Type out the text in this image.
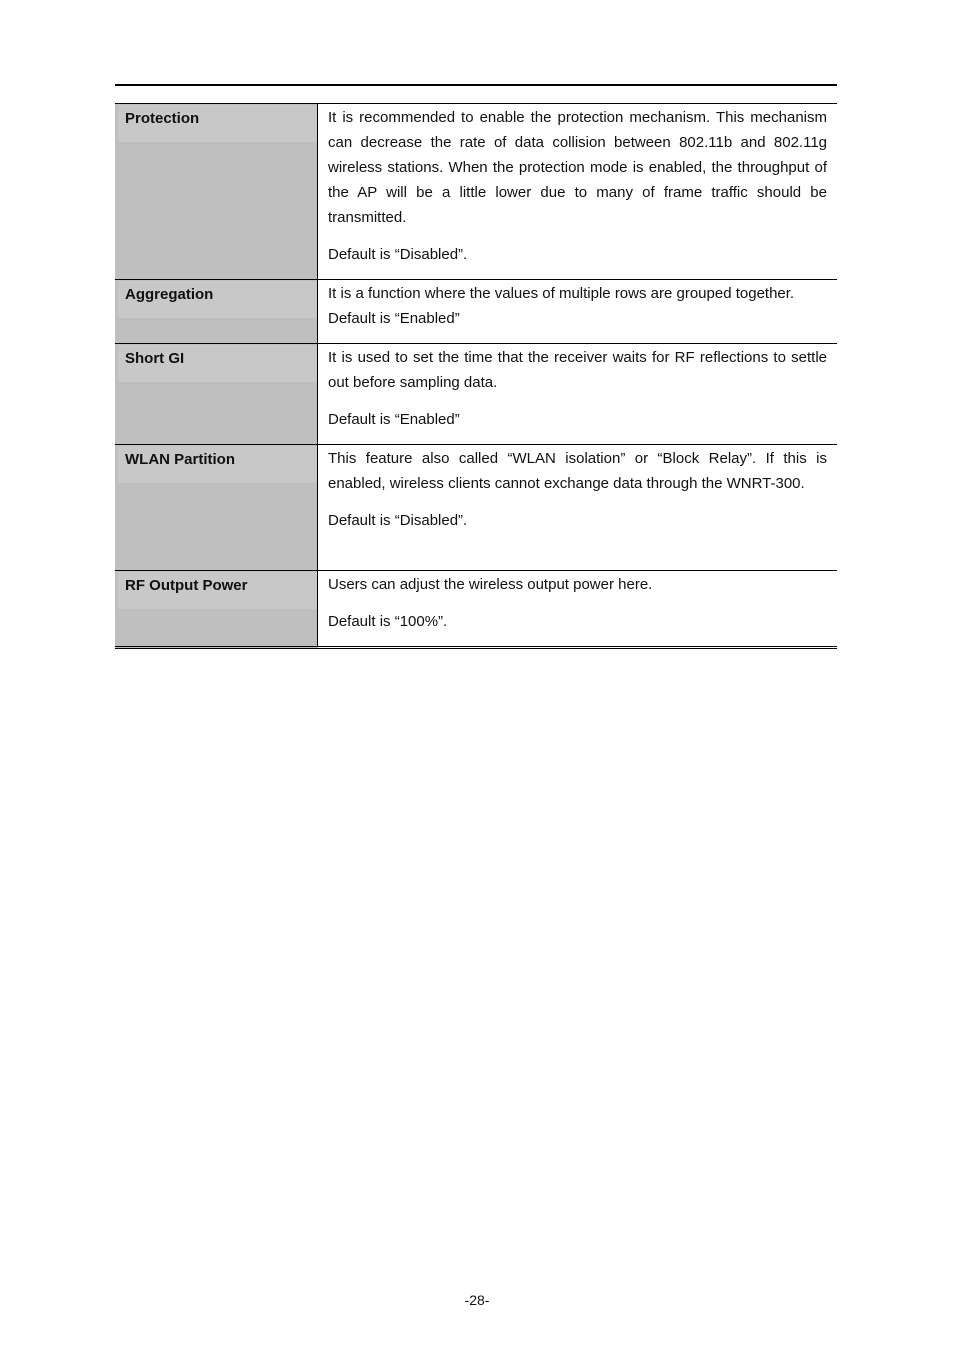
Protection	It is recommended to enable the protection mechanism. This mechanism can decrease the rate of data collision between 802.11b and 802.11g wireless stations. When the protection mode is enabled, the throughput of the AP will be a little lower due to many of frame traffic should be transmitted.

Default is “Disabled”.

Aggregation	It is a function where the values of multiple rows are grouped together.

Default is “Enabled”

Short GI	It is used to set the time that the receiver waits for RF reflections to settle out before sampling data.

Default is “Enabled”

WLAN Partition	This feature also called “WLAN isolation” or “Block Relay”. If this is enabled, wireless clients cannot exchange data through the WNRT-300.

Default is “Disabled”.

RF Output Power	Users can adjust the wireless output power here.

Default is “100%”.

-28-
